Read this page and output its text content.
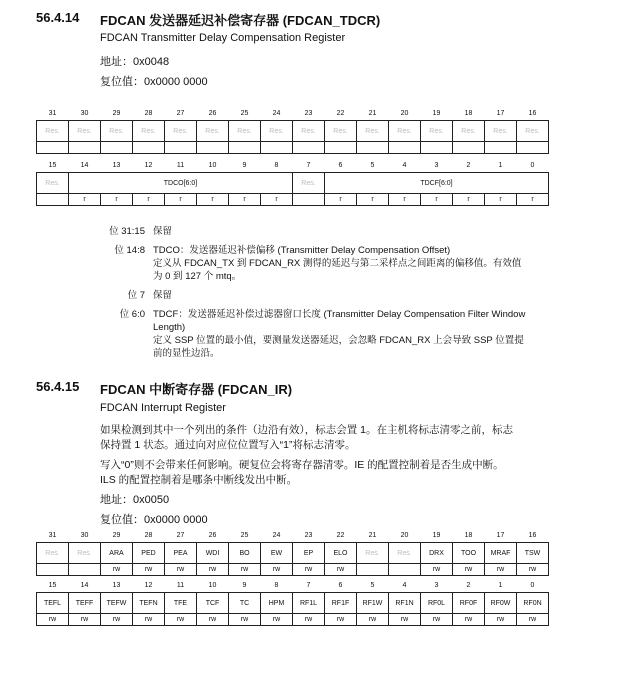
56.4.14 FDCAN 发送器延迟补偿寄存器 (FDCAN_TDCR)
FDCAN Transmitter Delay Compensation Register
地址：0x0048
复位值：0x0000 0000
31	30	29	28	27	26	25	24	23	22	21	20	19	18	17	16
Res.	Res.	Res.	Res.	Res.	Res.	Res.	Res.	Res.	Res.	Res.	Res.	Res.	Res.	Res.	Res.

15	14	13	12	11	10	9	8	7	6	5	4	3	2	1	0
Res.	TDCO[6:0]							Res.	TDCF[6:0]						
	r	r	r	r	r	r	r		r	r	r	r	r	r	r
位 31:15 保留
位 14:8 TDCO：发送器延迟补偿偏移 (Transmitter Delay Compensation Offset)
定义从 FDCAN_TX 到 FDCAN_RX 测得的延迟与第二采样点之间距离的偏移值。有效值
为 0 到 127 个 mtq。
位 7 保留
位 6:0 TDCF：发送器延迟补偿过滤器窗口长度 (Transmitter Delay Compensation Filter Window
Length)
定义 SSP 位置的最小值，要测量发送器延迟，会忽略 FDCAN_RX 上会导致 SSP 位置提
前的显性边沿。
56.4.15 FDCAN 中断寄存器 (FDCAN_IR)
FDCAN Interrupt Register
如果检测到其中一个列出的条件（边沿有效），标志会置 1。在主机将标志清零之前，标志
保持置 1 状态。通过向对应位位置写入“1”将标志清零。
写入“0”则不会带来任何影响。硬复位会将寄存器清零。IE 的配置控制着是否生成中断。
ILS 的配置控制着是哪条中断线发出中断。
地址：0x0050
复位值：0x0000 0000
31	30	29	28	27	26	25	24	23	22	21	20	19	18	17	16
Res.	Res.	ARA	PED	PEA	WDI	BO	EW	EP	ELO	Res.	Res.	DRX	TOO	MRAF	TSW
		rw	rw	rw	rw	rw	rw	rw	rw			rw	rw	rw	rw
15	14	13	12	11	10	9	8	7	6	5	4	3	2	1	0
TEFL	TEFF	TEFW	TEFN	TFE	TCF	TC	HPM	RF1L	RF1F	RF1W	RF1N	RF0L	RF0F	RF0W	RF0N
rw	rw	rw	rw	rw	rw	rw	rw	rw	rw	rw	rw	rw	rw	rw	rw
